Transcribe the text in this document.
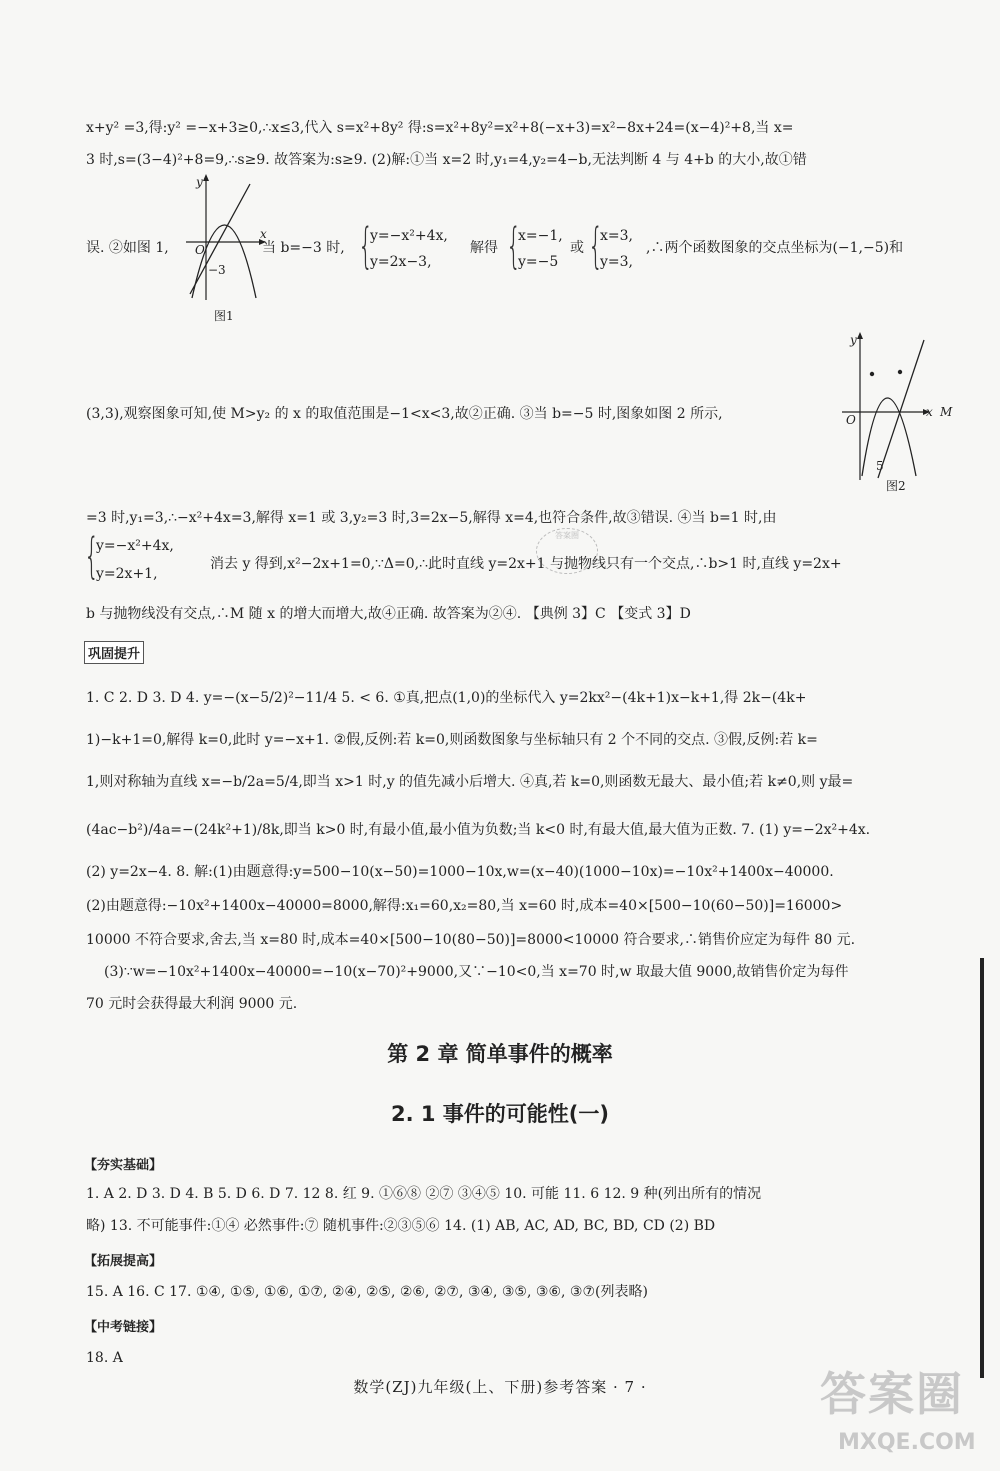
x+y² =3,得:y² =−x+3≥0,∴x≤3,代入 s=x²+8y² 得:s=x²+8y²=x²+8(−x+3)=x²−8x+24=(x−4)²+8,当 x=
3 时,s=(3−4)²+8=9,∴s≥9. 故答案为:s≥9. (2)解:①当 x=2 时,y₁=4,y₂=4−b,无法判断 4 与 4+b 的大小,故①错
y
x
O
−3
图1
误. ②如图 1,	当 b=−3 时, {
y=−x²+4x,
y=2x−3,
解得 {
x=−1,
y=−5
或 {
x=3,
y=3,
,∴两个函数图象的交点坐标为(−1,−5)和
y
x M
O
5
图2
(3,3),观察图象可知,使 M>y₂ 的 x 的取值范围是−1<x<3,故②正确. ③当 b=−5 时,图象如图 2 所示,
=3 时,y₁=3,∴−x²+4x=3,解得 x=1 或 3,y₂=3 时,3=2x−5,解得 x=4,也符合条件,故③错误. ④当 b=1 时,由
{
y=−x²+4x,
y=2x+1,
答案圈
消去 y 得到,x²−2x+1=0,∵Δ=0,∴此时直线 y=2x+1 与抛物线只有一个交点,∴b>1 时,直线 y=2x+
b 与抛物线没有交点,∴M 随 x 的增大而增大,故④正确. 故答案为②④. 【典例 3】C 【变式 3】D
巩固提升
1. C 2. D 3. D 4. y=−(x−5/2)²−11/4 5. < 6. ①真,把点(1,0)的坐标代入 y=2kx²−(4k+1)x−k+1,得 2k−(4k+
1)−k+1=0,解得 k=0,此时 y=−x+1. ②假,反例:若 k=0,则函数图象与坐标轴只有 2 个不同的交点. ③假,反例:若 k=
1,则对称轴为直线 x=−b/2a=5/4,即当 x>1 时,y 的值先减小后增大. ④真,若 k=0,则函数无最大、最小值;若 k≠0,则 y最=
(4ac−b²)/4a=−(24k²+1)/8k,即当 k>0 时,有最小值,最小值为负数;当 k<0 时,有最大值,最大值为正数. 7. (1) y=−2x²+4x.
(2) y=2x−4. 8. 解:(1)由题意得:y=500−10(x−50)=1000−10x,w=(x−40)(1000−10x)=−10x²+1400x−40000.
(2)由题意得:−10x²+1400x−40000=8000,解得:x₁=60,x₂=80,当 x=60 时,成本=40×[500−10(60−50)]=16000>
10000 不符合要求,舍去,当 x=80 时,成本=40×[500−10(80−50)]=8000<10000 符合要求,∴销售价应定为每件 80 元.
(3)∵w=−10x²+1400x−40000=−10(x−70)²+9000,又∵−10<0,当 x=70 时,w 取最大值 9000,故销售价定为每件
70 元时会获得最大利润 9000 元.
第 2 章 简单事件的概率

2. 1 事件的可能性(一)
【夯实基础】
1. A 2. D 3. D 4. B 5. D 6. D 7. 12 8. 红 9. ①⑥⑧ ②⑦ ③④⑤ 10. 可能 11. 6 12. 9 种(列出所有的情况
略) 13. 不可能事件:①④ 必然事件:⑦ 随机事件:②③⑤⑥ 14. (1) AB, AC, AD, BC, BD, CD (2) BD
【拓展提高】
15. A 16. C 17. ①④, ①⑤, ①⑥, ①⑦, ②④, ②⑤, ②⑥, ②⑦, ③④, ③⑤, ③⑥, ③⑦(列表略)
【中考链接】
18. A
数学(ZJ)九年级(上、下册)参考答案 · 7 ·	答案圈
MXQE.COM
